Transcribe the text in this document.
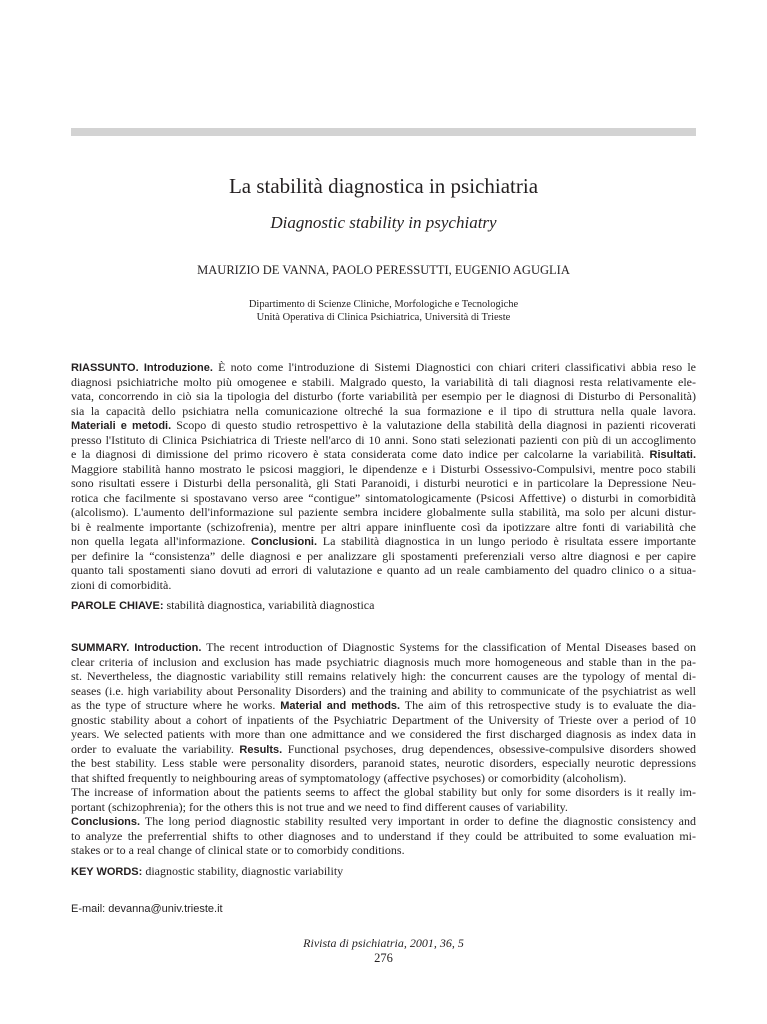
La stabilità diagnostica in psichiatria
Diagnostic stability in psychiatry
MAURIZIO DE VANNA, PAOLO PERESSUTTI, EUGENIO AGUGLIA
Dipartimento di Scienze Cliniche, Morfologiche e Tecnologiche
Unità Operativa di Clinica Psichiatrica, Università di Trieste
RIASSUNTO. Introduzione. È noto come l'introduzione di Sistemi Diagnostici con chiari criteri classificativi abbia reso le
diagnosi psichiatriche molto più omogenee e stabili. Malgrado questo, la variabilità di tali diagnosi resta relativamente ele-
vata, concorrendo in ciò sia la tipologia del disturbo (forte variabilità per esempio per le diagnosi di Disturbo di Personalità)
sia la capacità dello psichiatra nella comunicazione oltreché la sua formazione e il tipo di struttura nella quale lavora.
Materiali e metodi. Scopo di questo studio retrospettivo è la valutazione della stabilità della diagnosi in pazienti ricoverati
presso l'Istituto di Clinica Psichiatrica di Trieste nell'arco di 10 anni. Sono stati selezionati pazienti con più di un accoglimento
e la diagnosi di dimissione del primo ricovero è stata considerata come dato indice per calcolarne la variabilità. Risultati.
Maggiore stabilità hanno mostrato le psicosi maggiori, le dipendenze e i Disturbi Ossessivo-Compulsivi, mentre poco stabili
sono risultati essere i Disturbi della personalità, gli Stati Paranoidi, i disturbi neurotici e in particolare la Depressione Neu-
rotica che facilmente si spostavano verso aree “contigue” sintomatologicamente (Psicosi Affettive) o disturbi in comorbidità
(alcolismo). L'aumento dell'informazione sul paziente sembra incidere globalmente sulla stabilità, ma solo per alcuni distur-
bi è realmente importante (schizofrenia), mentre per altri appare ininfluente così da ipotizzare altre fonti di variabilità che
non quella legata all'informazione. Conclusioni. La stabilità diagnostica in un lungo periodo è risultata essere importante
per definire la “consistenza” delle diagnosi e per analizzare gli spostamenti preferenziali verso altre diagnosi e per capire
quanto tali spostamenti siano dovuti ad errori di valutazione e quanto ad un reale cambiamento del quadro clinico o a situa-
zioni di comorbidità.
PAROLE CHIAVE: stabilità diagnostica, variabilità diagnostica
SUMMARY. Introduction. The recent introduction of Diagnostic Systems for the classification of Mental Diseases based on
clear criteria of inclusion and exclusion has made psychiatric diagnosis much more homogeneous and stable than in the pa-
st. Nevertheless, the diagnostic variability still remains relatively high: the concurrent causes are the typology of mental di-
seases (i.e. high variability about Personality Disorders) and the training and ability to communicate of the psychiatrist as well
as the type of structure where he works. Material and methods. The aim of this retrospective study is to evaluate the dia-
gnostic stability about a cohort of inpatients of the Psychiatric Department of the University of Trieste over a period of 10
years. We selected patients with more than one admittance and we considered the first discharged diagnosis as index data in
order to evaluate the variability. Results. Functional psychoses, drug dependences, obsessive-compulsive disorders showed
the best stability. Less stable were personality disorders, paranoid states, neurotic disorders, especially neurotic depressions
that shifted frequently to neighbouring areas of symptomatology (affective psychoses) or comorbidity (alcoholism).
The increase of information about the patients seems to affect the global stability but only for some disorders is it really im-
portant (schizophrenia); for the others this is not true and we need to find different causes of variability.
Conclusions. The long period diagnostic stability resulted very important in order to define the diagnostic consistency and
to analyze the preferrential shifts to other diagnoses and to understand if they could be attribuited to some evaluation mi-
stakes or to a real change of clinical state or to comorbidy conditions.
KEY WORDS: diagnostic stability, diagnostic variability
E-mail: devanna@univ.trieste.it
Rivista di psichiatria, 2001, 36, 5
276
